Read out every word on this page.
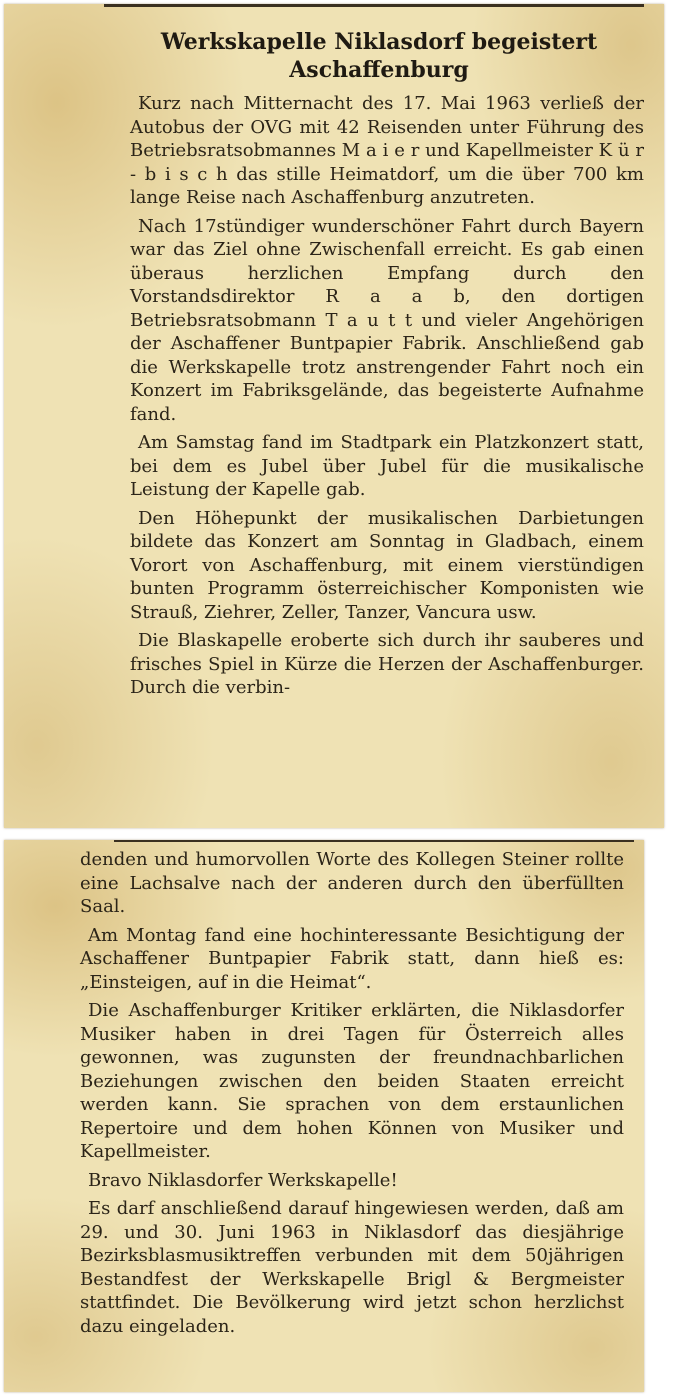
Werkskapelle Niklasdorf begeistert Aschaffenburg

Kurz nach Mitternacht des 17. Mai 1963 verließ der Autobus der OVG mit 42 Reisenden unter Führung des Betriebsratsobmannes M a i e r und Kapellmeister K ü r - b i s c h das stille Heimatdorf, um die über 700 km lange Reise nach Aschaffenburg anzutreten.

Nach 17stündiger wunderschöner Fahrt durch Bayern war das Ziel ohne Zwischenfall erreicht. Es gab einen überaus herzlichen Empfang durch den Vorstandsdirektor R a a b, den dortigen Betriebsratsobmann T a u t t und vieler Angehörigen der Aschaffener Buntpapier Fabrik. Anschließend gab die Werkskapelle trotz anstrengender Fahrt noch ein Konzert im Fabriksgelände, das begeisterte Aufnahme fand.

Am Samstag fand im Stadtpark ein Platzkonzert statt, bei dem es Jubel über Jubel für die musikalische Leistung der Kapelle gab.

Den Höhepunkt der musikalischen Darbietungen bildete das Konzert am Sonntag in Gladbach, einem Vorort von Aschaffenburg, mit einem vierstündigen bunten Programm österreichischer Komponisten wie Strauß, Ziehrer, Zeller, Tanzer, Vancura usw.

Die Blaskapelle eroberte sich durch ihr sauberes und frisches Spiel in Kürze die Herzen der Aschaffenburger. Durch die verbin-

denden und humorvollen Worte des Kollegen Steiner rollte eine Lachsalve nach der anderen durch den überfüllten Saal.

Am Montag fand eine hochinteressante Besichtigung der Aschaffener Buntpapier Fabrik statt, dann hieß es: „Einsteigen, auf in die Heimat“.

Die Aschaffenburger Kritiker erklärten, die Niklasdorfer Musiker haben in drei Tagen für Österreich alles gewonnen, was zugunsten der freundnachbarlichen Beziehungen zwischen den beiden Staaten erreicht werden kann. Sie sprachen von dem erstaunlichen Repertoire und dem hohen Können von Musiker und Kapellmeister.

Bravo Niklasdorfer Werkskapelle!

Es darf anschließend darauf hingewiesen werden, daß am 29. und 30. Juni 1963 in Niklasdorf das diesjährige Bezirksblasmusiktreffen verbunden mit dem 50jährigen Bestandfest der Werkskapelle Brigl & Bergmeister stattfindet. Die Bevölkerung wird jetzt schon herzlichst dazu eingeladen.
